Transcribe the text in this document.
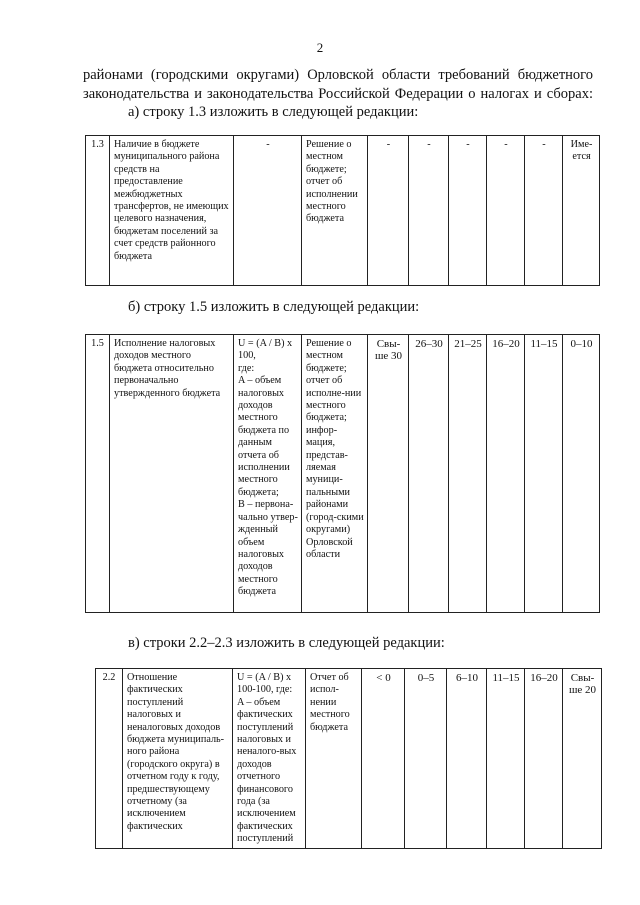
2
районами (городскими округами) Орловской области требований бюджетного
законодательства и законодательства Российской Федерации о налогах и сборах:
а) строку 1.3 изложить в следующей редакции:
1.3	Наличие в бюджете муниципального района средств на предоставление межбюджетных трансфертов, не имеющих целевого назначения, бюджетам поселений за счет средств районного бюджета	-	Решение о местном бюджете; отчет об исполнении местного бюджета	-	-	-	-	-	Име-
ется
б) строку 1.5 изложить в следующей редакции:
1.5	Исполнение налоговых доходов местного бюджета относительно первоначально утвержденного бюджета	U = (A / B) x 100,
где:
A – объем налоговых доходов местного бюджета по данным отчета об исполнении местного бюджета;
B – первона-чально утвер-жденный объем налоговых доходов местного бюджета	Решение о местном бюджете; отчет об исполне-нии местного бюджета; инфор-мация, представ-ляемая муници-пальными районами (город-скими округами) Орловской области	Свы-
ше 30	26–30	21–25	16–20	11–15	0–10
в) строки 2.2–2.3 изложить в следующей редакции:
2.2	Отношение фактических поступлений налоговых и неналоговых доходов бюджета муниципаль-ного района (городского округа) в отчетном году к году, предшествующему отчетному (за исключением фактических	U = (A / B) x 100-100, где:
A – объем фактических поступлений налоговых и неналого-вых доходов отчетного финансового года (за исключением фактических поступлений	Отчет об испол-нении местного бюджета	< 0	0–5	6–10	11–15	16–20	Свы-
ше 20
